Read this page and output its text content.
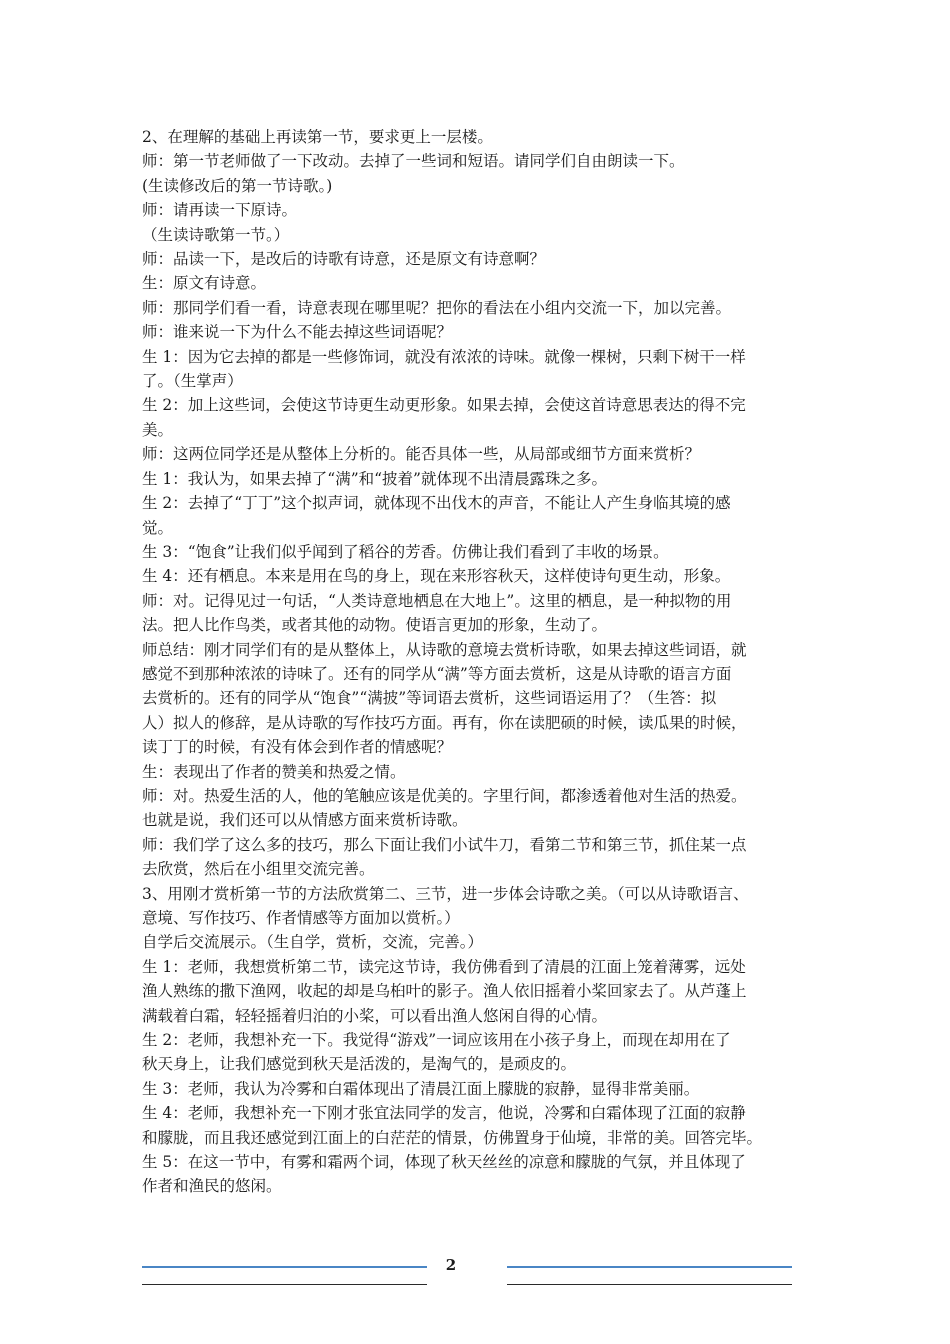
2、在理解的基础上再读第一节，要求更上一层楼。
师：第一节老师做了一下改动。去掉了一些词和短语。请同学们自由朗读一下。
(生读修改后的第一节诗歌。)
师：请再读一下原诗。
（生读诗歌第一节。）
师：品读一下，是改后的诗歌有诗意，还是原文有诗意啊？
生：原文有诗意。
师：那同学们看一看，诗意表现在哪里呢？把你的看法在小组内交流一下，加以完善。
师：谁来说一下为什么不能去掉这些词语呢？
生 1：因为它去掉的都是一些修饰词，就没有浓浓的诗味。就像一棵树，只剩下树干一样
了。（生掌声）
生 2：加上这些词，会使这节诗更生动更形象。如果去掉，会使这首诗意思表达的得不完
美。
师：这两位同学还是从整体上分析的。能否具体一些，从局部或细节方面来赏析？
生 1：我认为，如果去掉了“满”和“披着”就体现不出清晨露珠之多。
生 2：去掉了“丁丁”这个拟声词，就体现不出伐木的声音，不能让人产生身临其境的感
觉。
生 3：“饱食”让我们似乎闻到了稻谷的芳香。仿佛让我们看到了丰收的场景。
生 4：还有栖息。本来是用在鸟的身上，现在来形容秋天，这样使诗句更生动，形象。
师：对。记得见过一句话，“人类诗意地栖息在大地上”。这里的栖息，是一种拟物的用
法。把人比作鸟类，或者其他的动物。使语言更加的形象，生动了。
师总结：刚才同学们有的是从整体上，从诗歌的意境去赏析诗歌，如果去掉这些词语，就
感觉不到那种浓浓的诗味了。还有的同学从“满”等方面去赏析，这是从诗歌的语言方面
去赏析的。还有的同学从“饱食”“满披”等词语去赏析，这些词语运用了？（生答：拟
人）拟人的修辞，是从诗歌的写作技巧方面。再有，你在读肥硕的时候，读瓜果的时候，
读丁丁的时候，有没有体会到作者的情感呢？
生：表现出了作者的赞美和热爱之情。
师：对。热爱生活的人，他的笔触应该是优美的。字里行间，都渗透着他对生活的热爱。
也就是说，我们还可以从情感方面来赏析诗歌。
师：我们学了这么多的技巧，那么下面让我们小试牛刀，看第二节和第三节，抓住某一点
去欣赏，然后在小组里交流完善。
3、用刚才赏析第一节的方法欣赏第二、三节，进一步体会诗歌之美。（可以从诗歌语言、
意境、写作技巧、作者情感等方面加以赏析。）
自学后交流展示。（生自学，赏析，交流，完善。）
生 1：老师，我想赏析第二节，读完这节诗，我仿佛看到了清晨的江面上笼着薄雾，远处
渔人熟练的撒下渔网，收起的却是乌桕叶的影子。渔人依旧摇着小桨回家去了。从芦蓬上
满载着白霜，轻轻摇着归泊的小桨，可以看出渔人悠闲自得的心情。
生 2：老师，我想补充一下。我觉得“游戏”一词应该用在小孩子身上，而现在却用在了
秋天身上，让我们感觉到秋天是活泼的，是淘气的，是顽皮的。
生 3：老师，我认为冷雾和白霜体现出了清晨江面上朦胧的寂静，显得非常美丽。
生 4：老师，我想补充一下刚才张宜法同学的发言，他说，冷雾和白霜体现了江面的寂静
和朦胧，而且我还感觉到江面上的白茫茫的情景，仿佛置身于仙境，非常的美。回答完毕。
生 5：在这一节中，有雾和霜两个词，体现了秋天丝丝的凉意和朦胧的气氛，并且体现了
作者和渔民的悠闲。
2
